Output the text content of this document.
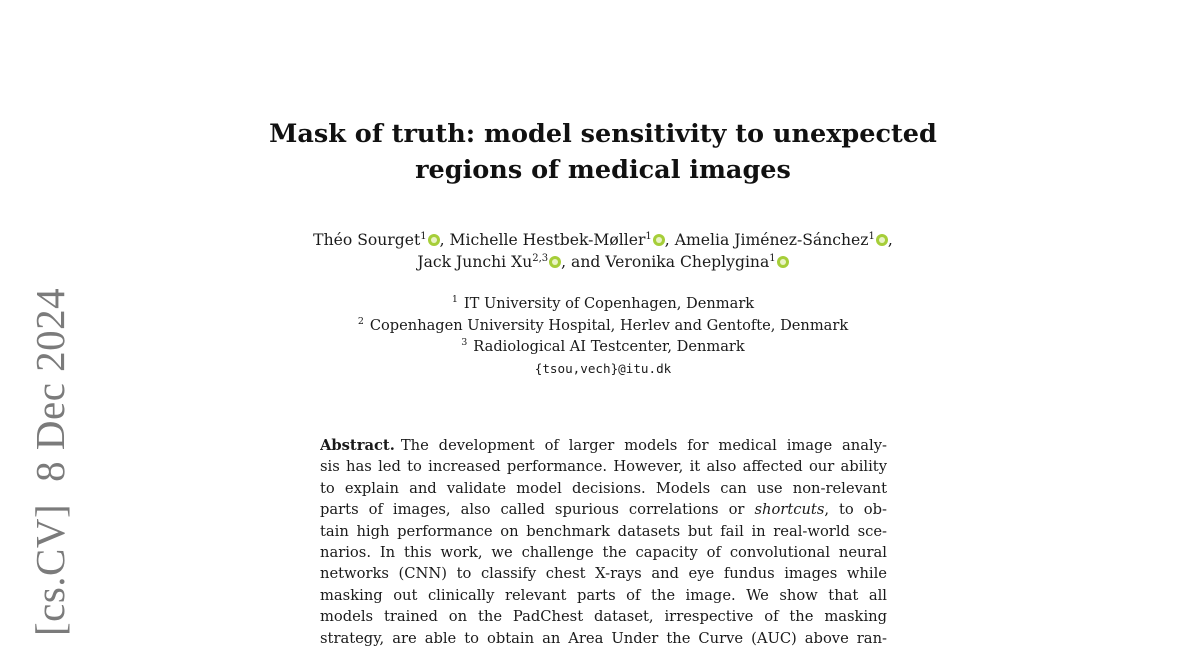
[cs.CV]8 Dec 2024
Mask of truth: model sensitivity to unexpected
regions of medical images
Théo Sourget$^1$ , Michelle Hestbek-Møller$^1$ , Amelia Jiménez-Sánchez$^1$ ,
Jack Junchi Xu$^{2,3}$ , and Veronika Cheplygina$^1$
$^1$ IT University of Copenhagen, Denmark
$^2$ Copenhagen University Hospital, Herlev and Gentofte, Denmark
$^3$ Radiological AI Testcenter, Denmark
{tsou,vech}@itu.dk
Abstract. The development of larger models for medical image analy-
sis has led to increased performance. However, it also affected our ability
to explain and validate model decisions. Models can use non-relevant
parts of images, also called spurious correlations or shortcuts, to ob-
tain high performance on benchmark datasets but fail in real-world sce-
narios. In this work, we challenge the capacity of convolutional neural
networks (CNN) to classify chest X-rays and eye fundus images while
masking out clinically relevant parts of the image. We show that all
models trained on the PadChest dataset, irrespective of the masking
strategy, are able to obtain an Area Under the Curve (AUC) above ran-
